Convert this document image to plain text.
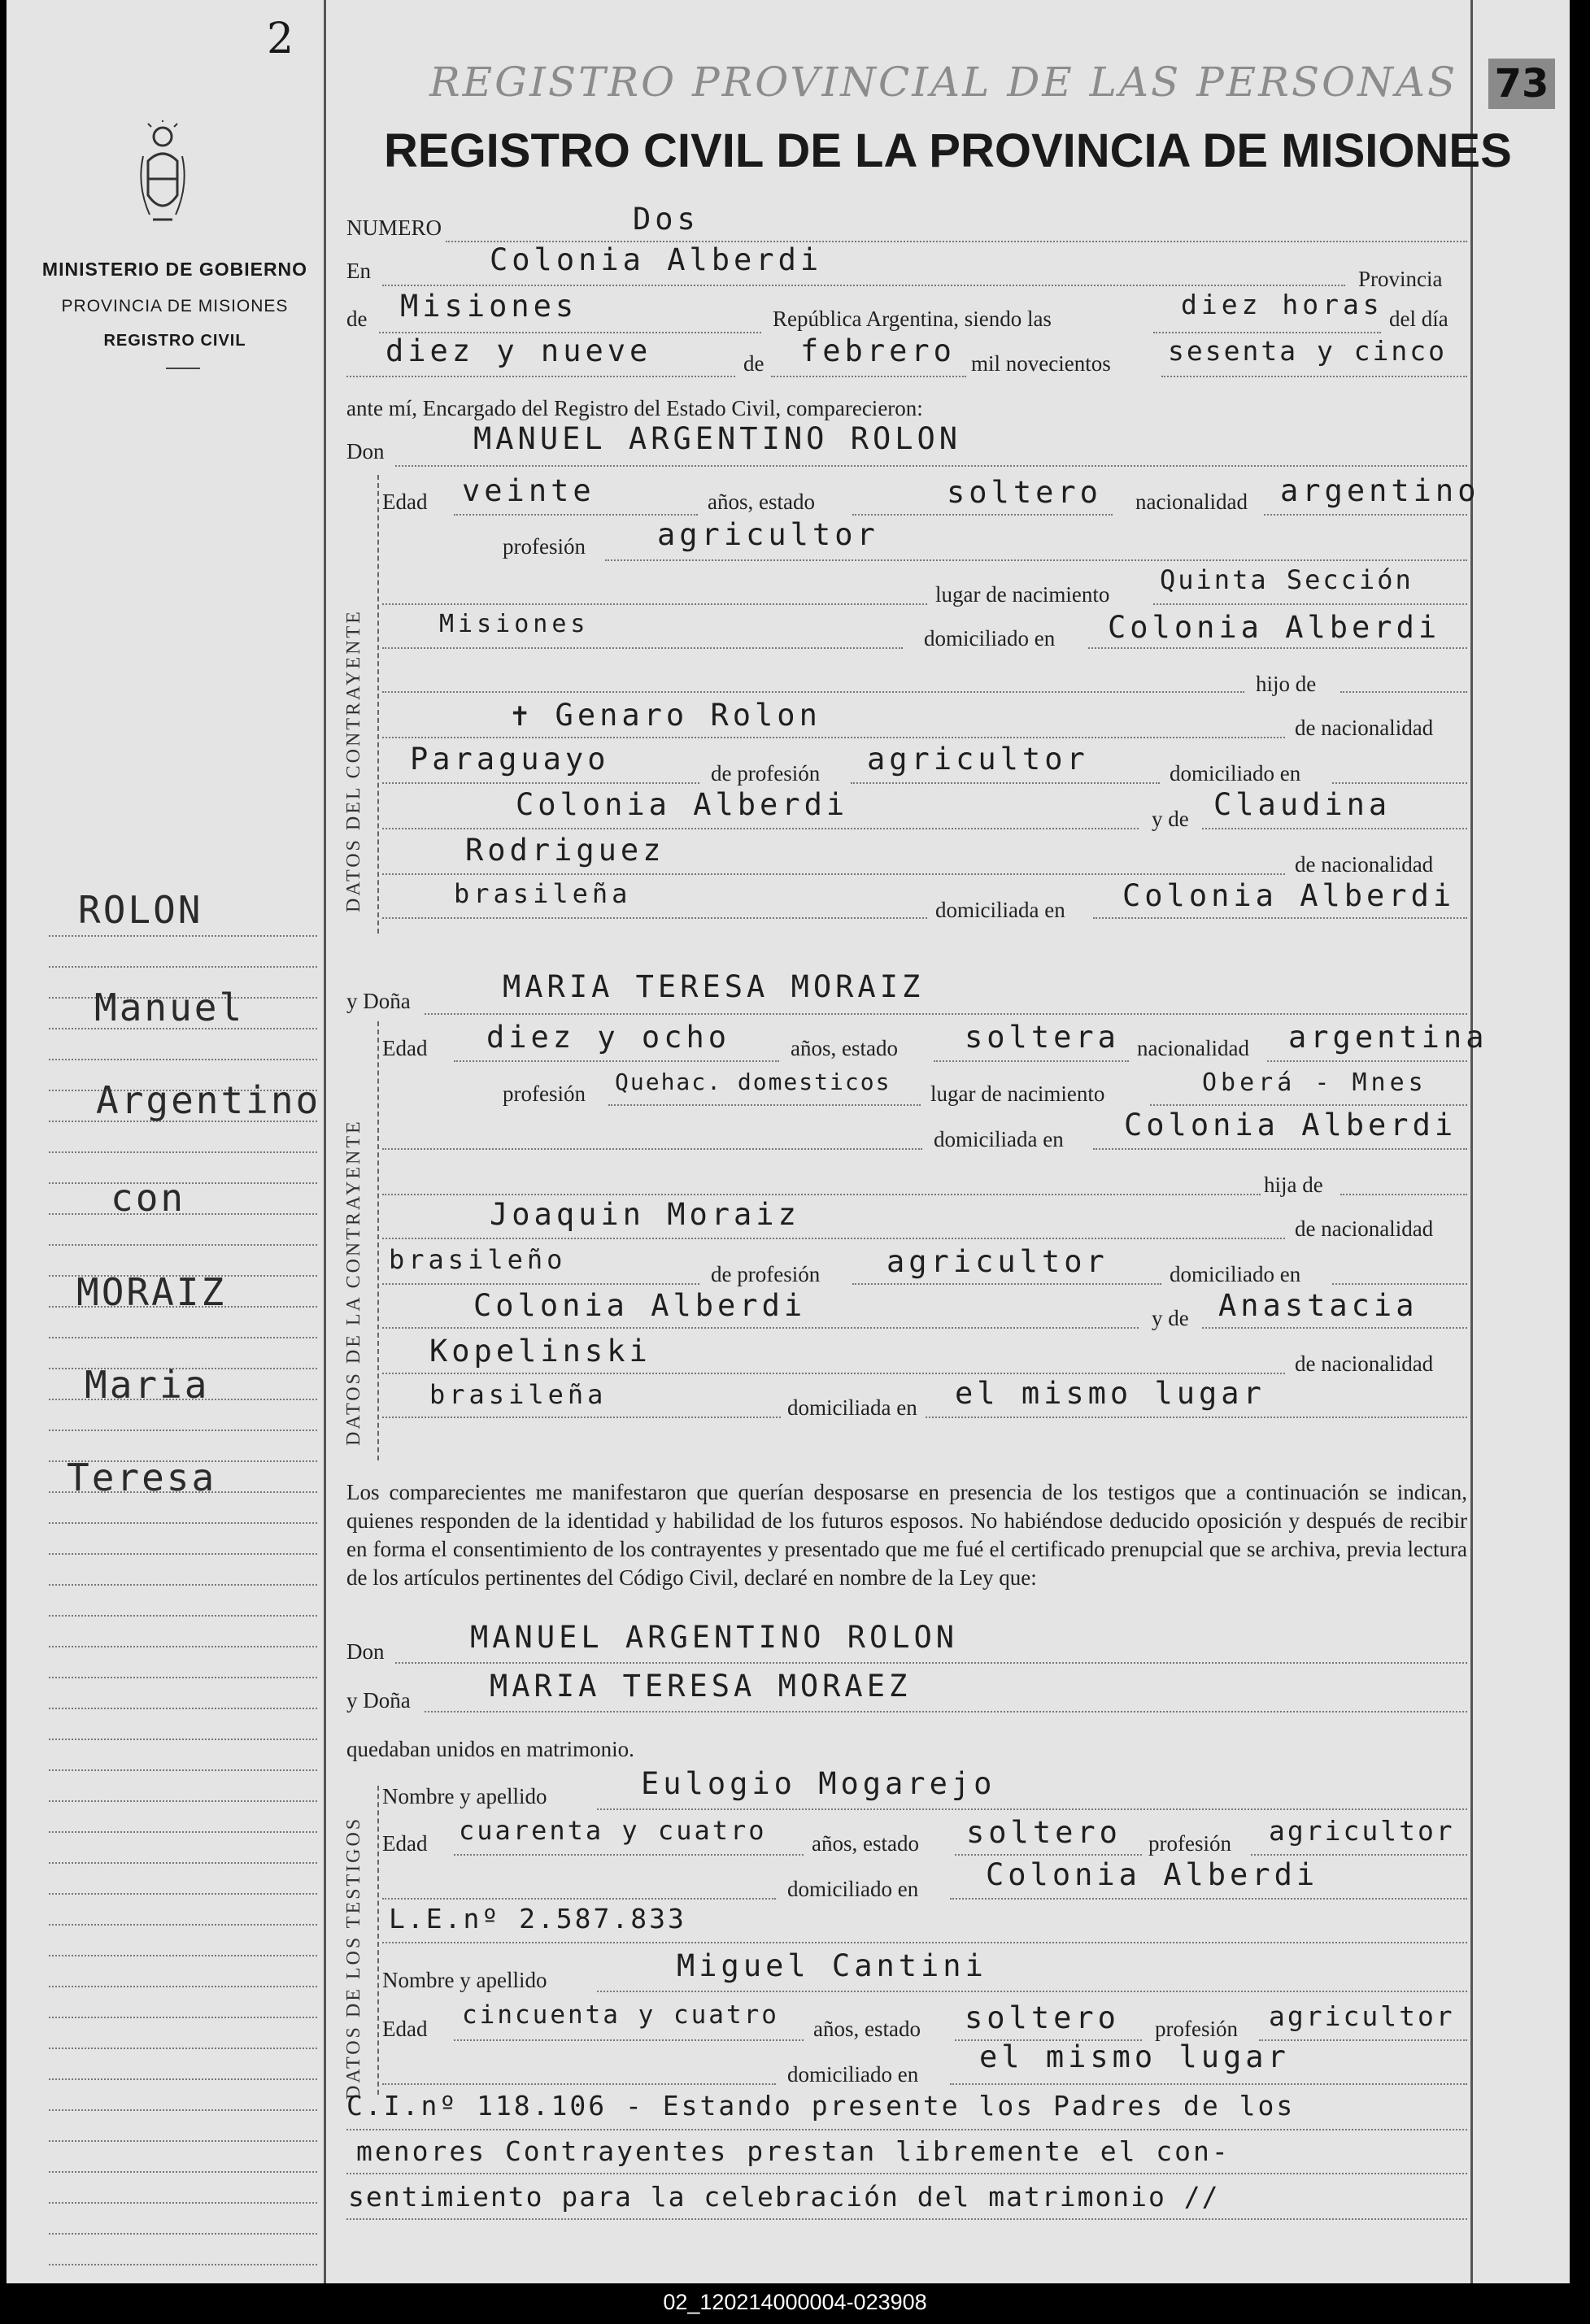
2
73
MINISTERIO DE GOBIERNO
PROVINCIA DE MISIONES
REGISTRO CIVIL
ROLON
Manuel
Argentino
con
MORAIZ
Maria
Teresa
REGISTRO PROVINCIAL DE LAS PERSONAS
REGISTRO CIVIL DE LA PROVINCIA DE MISIONES
NUMERO	Dos
En	Colonia Alberdi
Provincia
de Misiones	República Argentina, siendo las	diez horas del día
diez y nueve	de febrero mil novecientos sesenta y cinco
ante mí, Encargado del Registro del Estado Civil, comparecieron:
Don	MANUEL ARGENTINO ROLON
DATOS DEL CONTRAYENTE
Edad veinte	años, estado	soltero nacionalidad argentino
profesión agricultor
lugar de nacimiento Quinta Sección
Misiones	domiciliado en Colonia Alberdi
hijo de
✝ Genaro Rolon	de nacionalidad
Paraguayo	de profesión agricultor	domiciliado en
Colonia Alberdi	y de Claudina
Rodriguez	de nacionalidad
brasileña
domiciliada en Colonia Alberdi
y Doña	MARIA TERESA MORAIZ
DATOS DE LA CONTRAYENTE
Edad diez y ocho	años, estado soltera nacionalidad argentina
profesión Quehac. domesticos lugar de nacimiento	Oberá - Mnes
domiciliada en Colonia Alberdi
hija de
Joaquin Moraiz	de nacionalidad
brasileño	de profesión agricultor	domiciliado en
Colonia Alberdi	y de Anastacia
Kopelinski	de nacionalidad
brasileña	domiciliada en el mismo lugar
Los comparecientes me manifestaron que querían desposarse en presencia de los testigos que a continuación se indican, quienes responden de la identidad y habilidad de los futuros esposos. No habiéndose deducido oposición y después de recibir en forma el consentimiento de los contrayentes y presentado que me fué el certificado prenupcial que se archiva, previa lectura de los artículos pertinentes del Código Civil, declaré en nombre de la Ley que:
Don	MANUEL ARGENTINO ROLON
y Doña	MARIA TERESA MORAEZ
quedaban unidos en matrimonio.
DATOS DE LOS TESTIGOS
Nombre y apellido	Eulogio Mogarejo
Edad cuarenta y cuatro años, estado soltero profesión agricultor
domiciliado en Colonia Alberdi
L.E.nº 2.587.833
Nombre y apellido	Miguel Cantini
Edad cincuenta y cuatro años, estado soltero profesión agricultor
domiciliado en el mismo lugar
C.I.nº 118.106 - Estando presente los Padres de los
menores Contrayentes prestan libremente el con-
sentimiento para la celebración del matrimonio //
02_120214000004-023908
